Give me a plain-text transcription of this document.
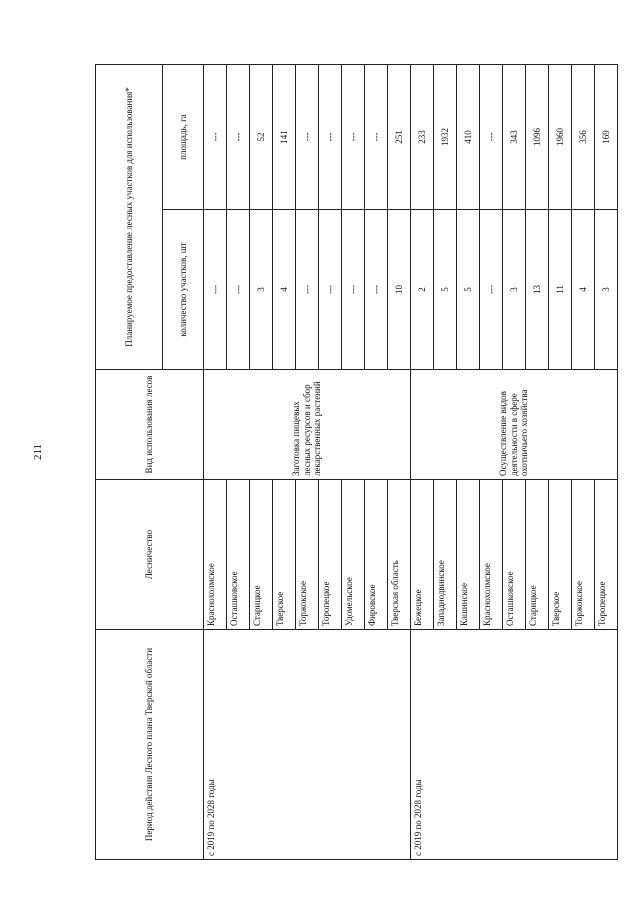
211
Период действия Лесного плана Тверской области	Лесничество	Вид использования лесов	Планируемое предоставление лесных участков для использования*	
			количество участков, шт	площадь, га
с 2019 по 2028 годы	Краснохолмское	Заготовка пищевых лесных ресурсов и сбор лекарственных растений	---	---
	Осташковское		---	---
	Старицкое		3	52
	Тверское		4	141
	Торжокское		---	---
	Торопецкое		---	---
	Удомельское		---	---
	Фировское		---	---
	Тверская область		10	251
с 2019 по 2028 годы	Бежецкое	Осуществление видов деятельности в сфере охотничьего хозяйства	2	233
	Западнодвинское		5	1932
	Кашинское		5	410
	Краснохолмское		---	---
	Осташковское		3	343
	Старицкое		13	1096
	Тверское		11	1960
	Торжокское		4	356
	Торопецкое		3	169
